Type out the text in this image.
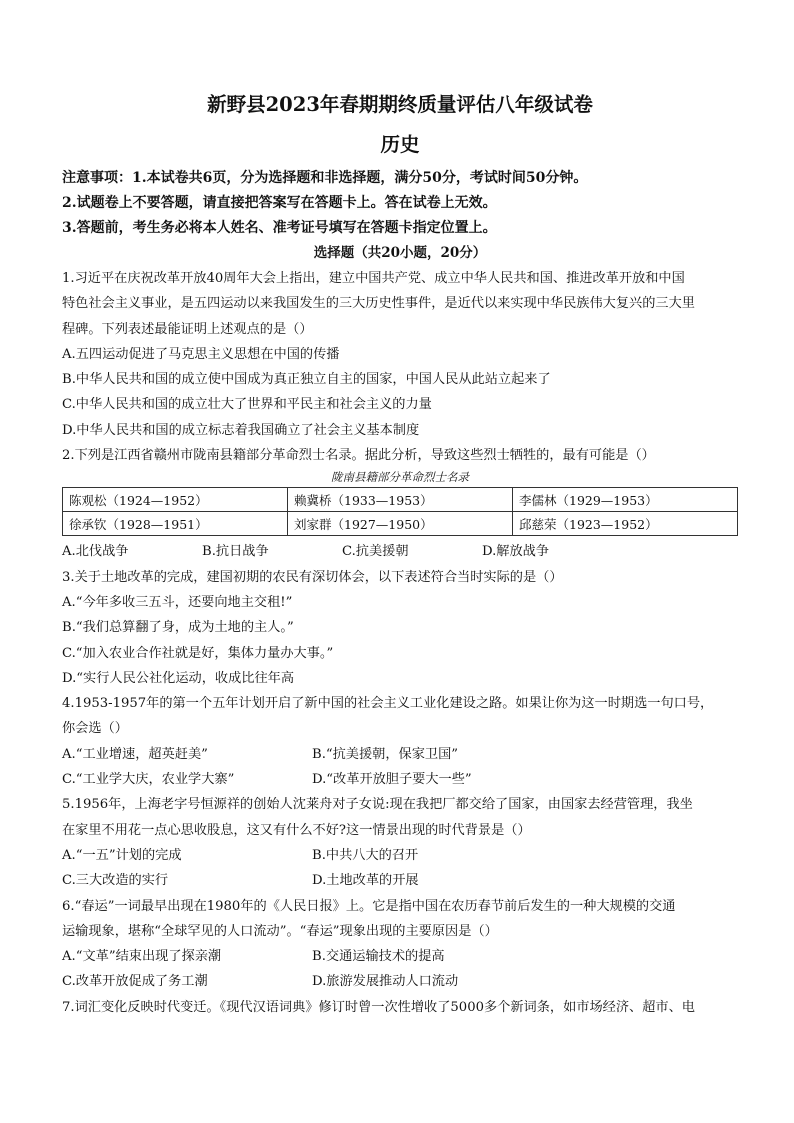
新野县2023年春期期终质量评估八年级试卷
历史
注意事项：1.本试卷共6页，分为选择题和非选择题，满分50分，考试时间50分钟。
2.试题卷上不要答题，请直接把答案写在答题卡上。答在试卷上无效。
3.答题前，考生务必将本人姓名、准考证号填写在答题卡指定位置上。
选择题（共20小题，20分）
1.习近平在庆祝改革开放40周年大会上指出，建立中国共产党、成立中华人民共和国、推进改革开放和中国
特色社会主义事业，是五四运动以来我国发生的三大历史性事件，是近代以来实现中华民族伟大复兴的三大里
程碑。下列表述最能证明上述观点的是（）
A.五四运动促进了马克思主义思想在中国的传播
B.中华人民共和国的成立使中国成为真正独立自主的国家，中国人民从此站立起来了
C.中华人民共和国的成立壮大了世界和平民主和社会主义的力量
D.中华人民共和国的成立标志着我国确立了社会主义基本制度
2.下列是江西省赣州市陇南县籍部分革命烈士名录。据此分析，导致这些烈士牺牲的，最有可能是（）
陇南县籍部分革命烈士名录
陈观松（1924—1952）	赖冀桥（1933—1953）	李儒林（1929—1953）
徐承钦（1928—1951）	刘家群（1927—1950）	邱慈荣（1923—1952）
A.北伐战争	B.抗日战争	C.抗美援朝	D.解放战争
3.关于土地改革的完成，建国初期的农民有深切体会，以下表述符合当时实际的是（）
A.“今年多收三五斗，还要向地主交租!”
B.“我们总算翻了身，成为土地的主人。”
C.“加入农业合作社就是好，集体力量办大事。”
D.“实行人民公社化运动，收成比往年高
4.1953-1957年的第一个五年计划开启了新中国的社会主义工业化建设之路。如果让你为这一时期选一句口号，
你会选（）
A.“工业增速，超英赶美”	B.“抗美援朝，保家卫国”
C.“工业学大庆，农业学大寨”	D.“改革开放胆子要大一些”
5.1956年，上海老字号恒源祥的创始人沈莱舟对子女说:现在我把厂都交给了国家，由国家去经营管理，我坐
在家里不用花一点心思收股息，这又有什么不好?这一情景出现的时代背景是（）
A.“一五”计划的完成	B.中共八大的召开
C.三大改造的实行	D.土地改革的开展
6.“春运”一词最早出现在1980年的《人民日报》上。它是指中国在农历春节前后发生的一种大规模的交通
运输现象，堪称“全球罕见的人口流动”。“春运”现象出现的主要原因是（）
A.“文革”结束出现了探亲潮	B.交通运输技术的提高
C.改革开放促成了务工潮	D.旅游发展推动人口流动
7.词汇变化反映时代变迁。《现代汉语词典》修订时曾一次性增收了5000多个新词条，如市场经济、超市、电
